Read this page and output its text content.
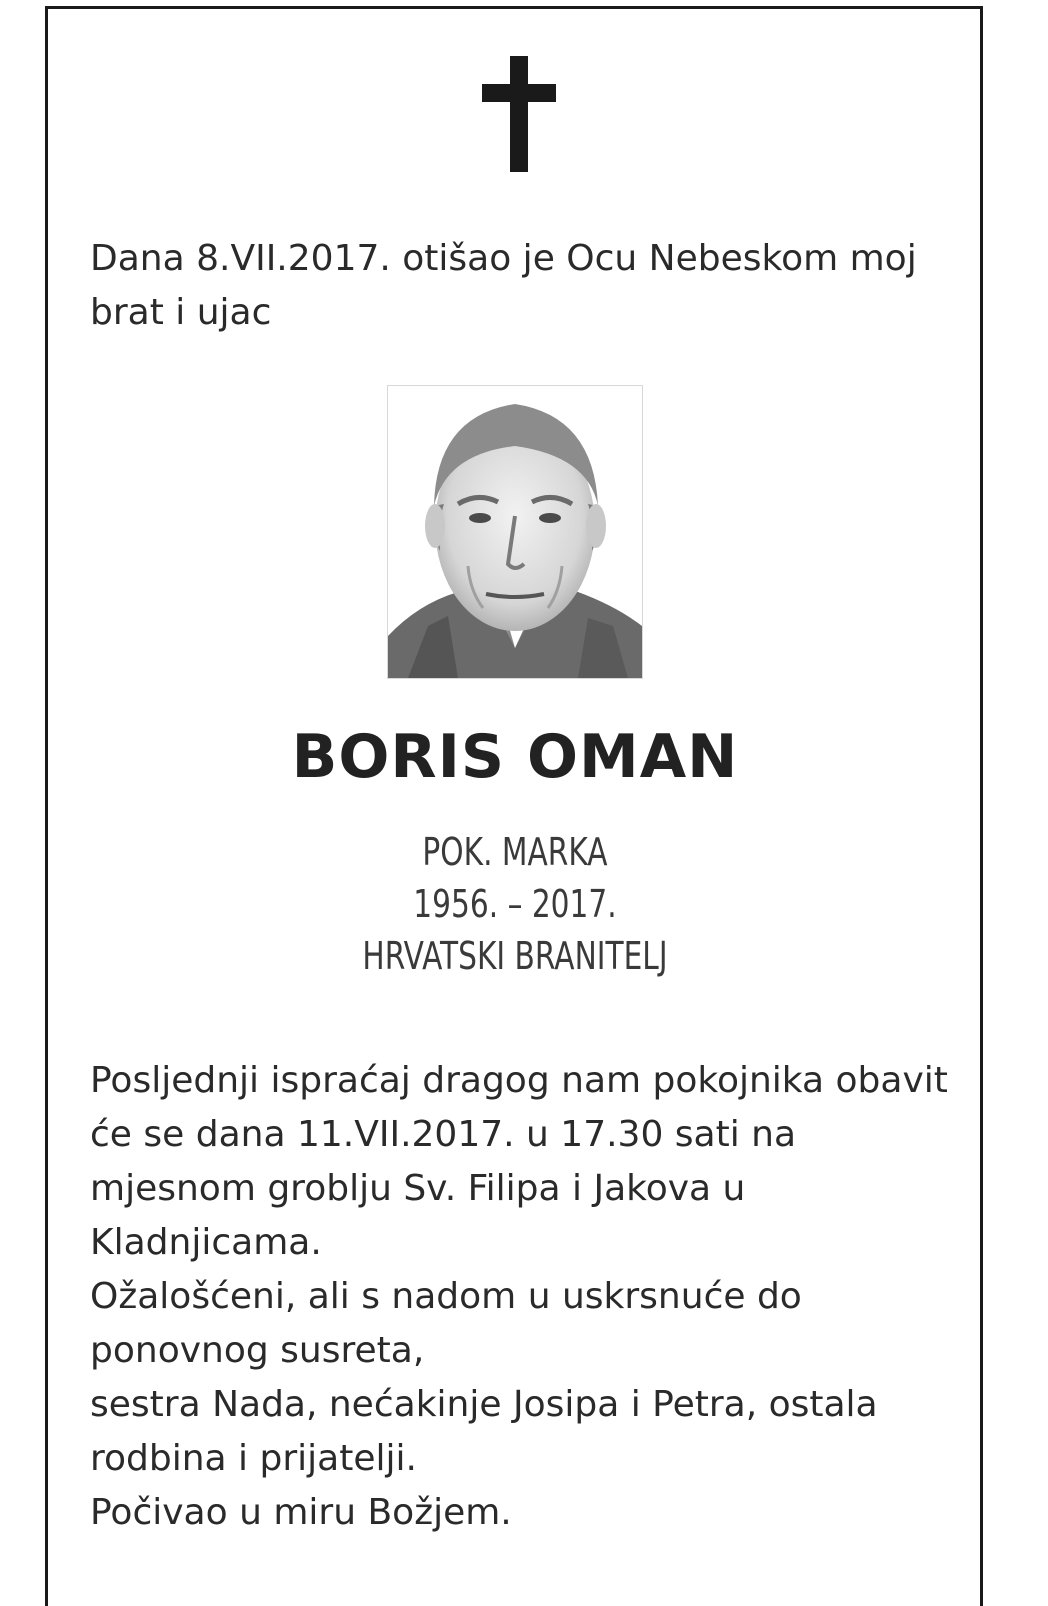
Dana 8.VII.2017. otišao je Ocu Nebeskom moj brat i ujac

BORIS OMAN
POK. MARKA
1956. – 2017.
HRVATSKI BRANITELJ
Posljednji ispraćaj dragog nam pokojnika obavit će se dana 11.VII.2017. u 17.30 sati na mjesnom groblju Sv. Filipa i Jakova u Kladnjicama.
Ožalošćeni, ali s nadom u uskrsnuće do ponovnog susreta,
sestra Nada, nećakinje Josipa i Petra, ostala rodbina i prijatelji.
Počivao u miru Božjem.
